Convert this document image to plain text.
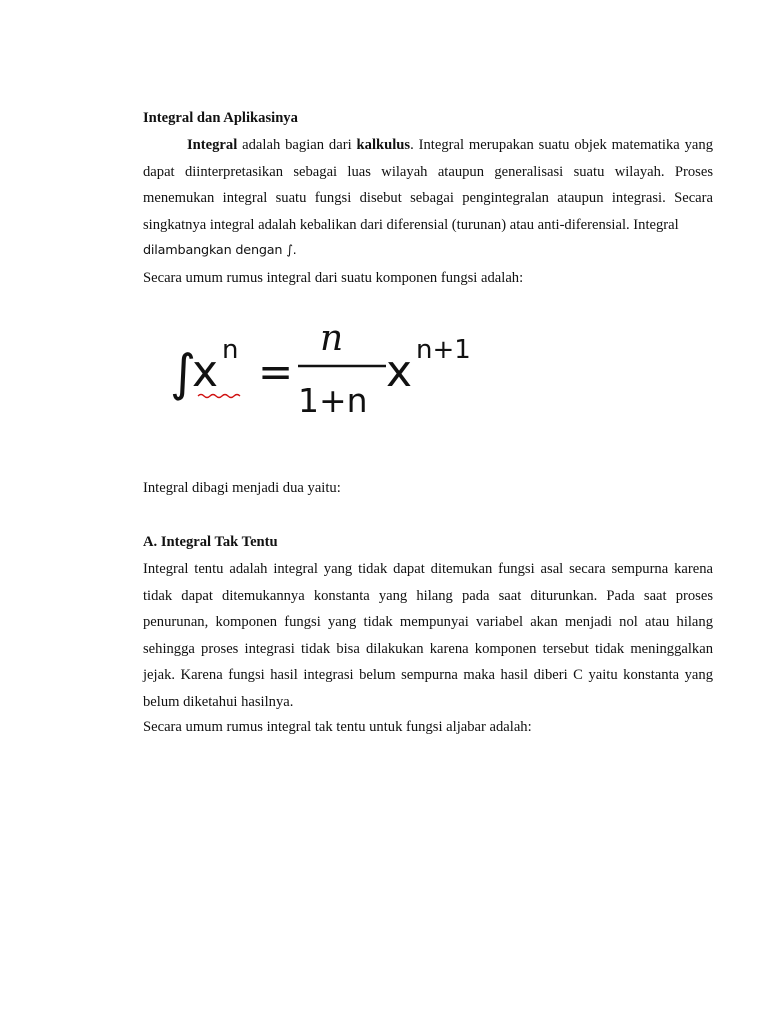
Integral dan Aplikasinya
Integral adalah bagian dari kalkulus. Integral merupakan suatu objek matematika yang dapat diinterpretasikan sebagai luas wilayah ataupun generalisasi suatu wilayah. Proses menemukan integral suatu fungsi disebut sebagai pengintegralan ataupun integrasi. Secara singkatnya integral adalah kebalikan dari diferensial (turunan) atau anti-diferensial. Integral
dilambangkan dengan ∫.
Secara umum rumus integral dari suatu komponen fungsi adalah:
∫
x n =
n
1+n
x n+1
Integral dibagi menjadi dua yaitu:
A. Integral Tak Tentu
Integral tentu adalah integral yang tidak dapat ditemukan fungsi asal secara sempurna karena tidak dapat ditemukannya konstanta yang hilang pada saat diturunkan. Pada saat proses penurunan, komponen fungsi yang tidak mempunyai variabel akan menjadi nol atau hilang sehingga proses integrasi tidak bisa dilakukan karena komponen tersebut tidak meninggalkan jejak. Karena fungsi hasil integrasi belum sempurna maka hasil diberi C yaitu konstanta yang belum diketahui hasilnya.
Secara umum rumus integral tak tentu untuk fungsi aljabar adalah:
